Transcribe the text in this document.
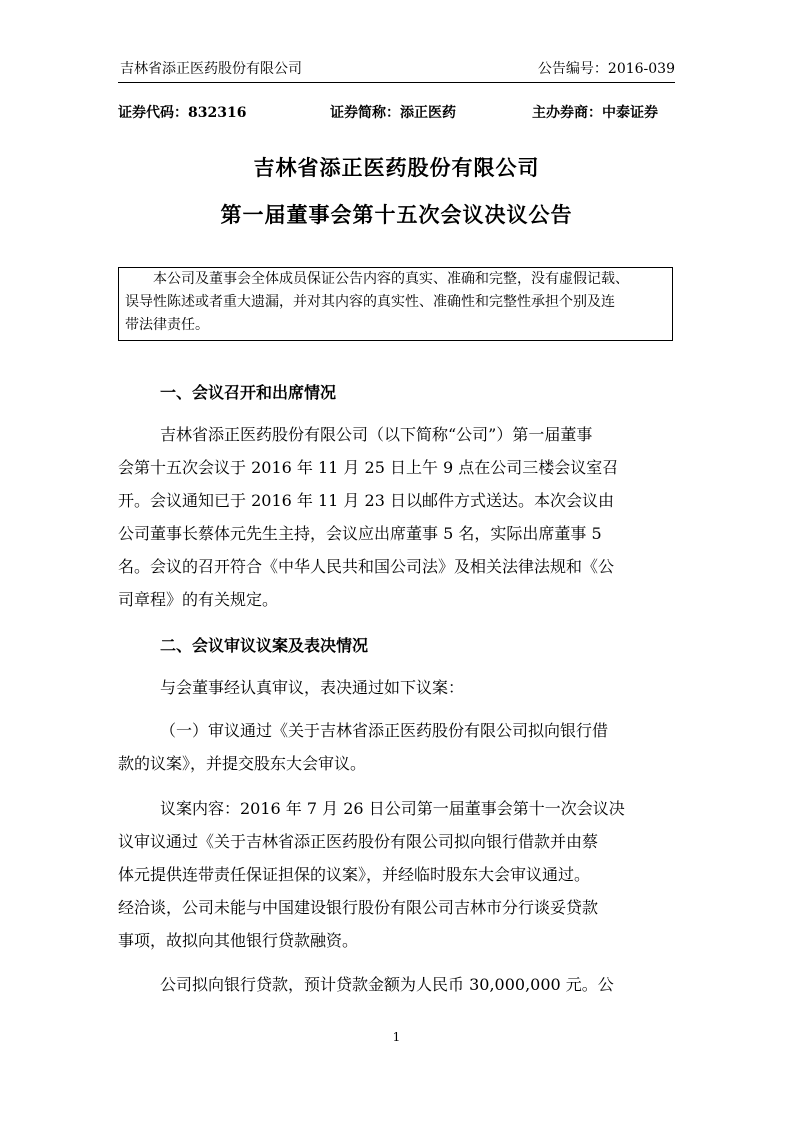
吉林省添正医药股份有限公司	公告编号：2016-039
证券代码：832316	证券简称：添正医药	主办券商：中泰证券
吉林省添正医药股份有限公司
第一届董事会第十五次会议决议公告
本公司及董事会全体成员保证公告内容的真实、准确和完整，没有虚假记载、
误导性陈述或者重大遗漏，并对其内容的真实性、准确性和完整性承担个别及连
带法律责任。
一、会议召开和出席情况
吉林省添正医药股份有限公司（以下简称“公司”）第一届董事
会第十五次会议于 2016 年 11 月 25 日上午 9 点在公司三楼会议室召
开。会议通知已于 2016 年 11 月 23 日以邮件方式送达。本次会议由
公司董事长蔡体元先生主持，会议应出席董事 5 名，实际出席董事 5
名。会议的召开符合《中华人民共和国公司法》及相关法律法规和《公
司章程》的有关规定。
二、会议审议议案及表决情况
与会董事经认真审议，表决通过如下议案：
（一）审议通过《关于吉林省添正医药股份有限公司拟向银行借
款的议案》，并提交股东大会审议。
议案内容：2016 年 7 月 26 日公司第一届董事会第十一次会议决
议审议通过《关于吉林省添正医药股份有限公司拟向银行借款并由蔡
体元提供连带责任保证担保的议案》，并经临时股东大会审议通过。
经洽谈，公司未能与中国建设银行股份有限公司吉林市分行谈妥贷款
事项，故拟向其他银行贷款融资。
公司拟向银行贷款，预计贷款金额为人民币 30,000,000 元。公
1
